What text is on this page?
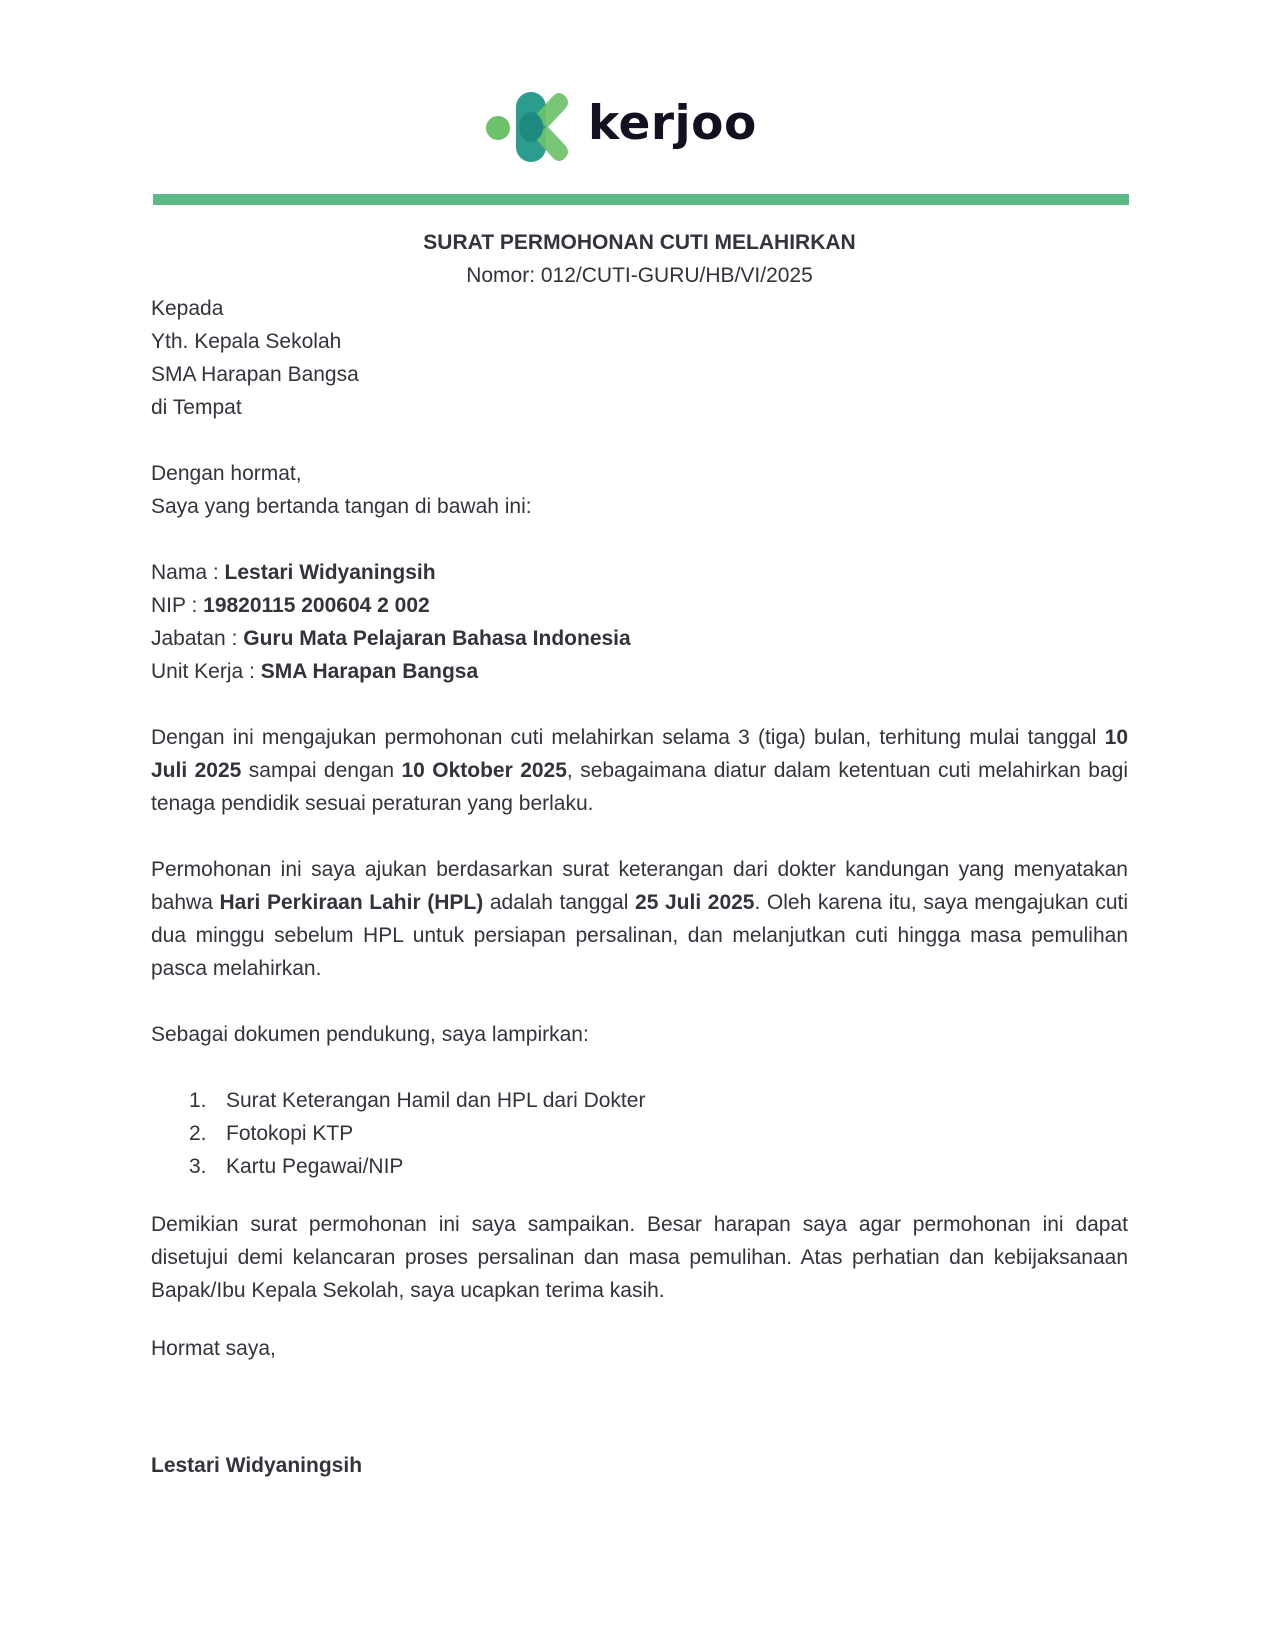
kerjoo

SURAT PERMOHONAN CUTI MELAHIRKAN

Nomor: 012/CUTI-GURU/HB/VI/2025

Kepada

Yth. Kepala Sekolah

SMA Harapan Bangsa

di Tempat

Dengan hormat,

Saya yang bertanda tangan di bawah ini:

Nama : Lestari Widyaningsih

NIP : 19820115 200604 2 002

Jabatan : Guru Mata Pelajaran Bahasa Indonesia

Unit Kerja : SMA Harapan Bangsa

Dengan ini mengajukan permohonan cuti melahirkan selama 3 (tiga) bulan, terhitung mulai tanggal 10 Juli 2025 sampai dengan 10 Oktober 2025, sebagaimana diatur dalam ketentuan cuti melahirkan bagi tenaga pendidik sesuai peraturan yang berlaku.

Permohonan ini saya ajukan berdasarkan surat keterangan dari dokter kandungan yang menyatakan bahwa Hari Perkiraan Lahir (HPL) adalah tanggal 25 Juli 2025. Oleh karena itu, saya mengajukan cuti dua minggu sebelum HPL untuk persiapan persalinan, dan melanjutkan cuti hingga masa pemulihan pasca melahirkan.

Sebagai dokumen pendukung, saya lampirkan:

1. Surat Keterangan Hamil dan HPL dari Dokter
2. Fotokopi KTP
3. Kartu Pegawai/NIP

Demikian surat permohonan ini saya sampaikan. Besar harapan saya agar permohonan ini dapat disetujui demi kelancaran proses persalinan dan masa pemulihan. Atas perhatian dan kebijaksanaan Bapak/Ibu Kepala Sekolah, saya ucapkan terima kasih.

Hormat saya,

Lestari Widyaningsih
